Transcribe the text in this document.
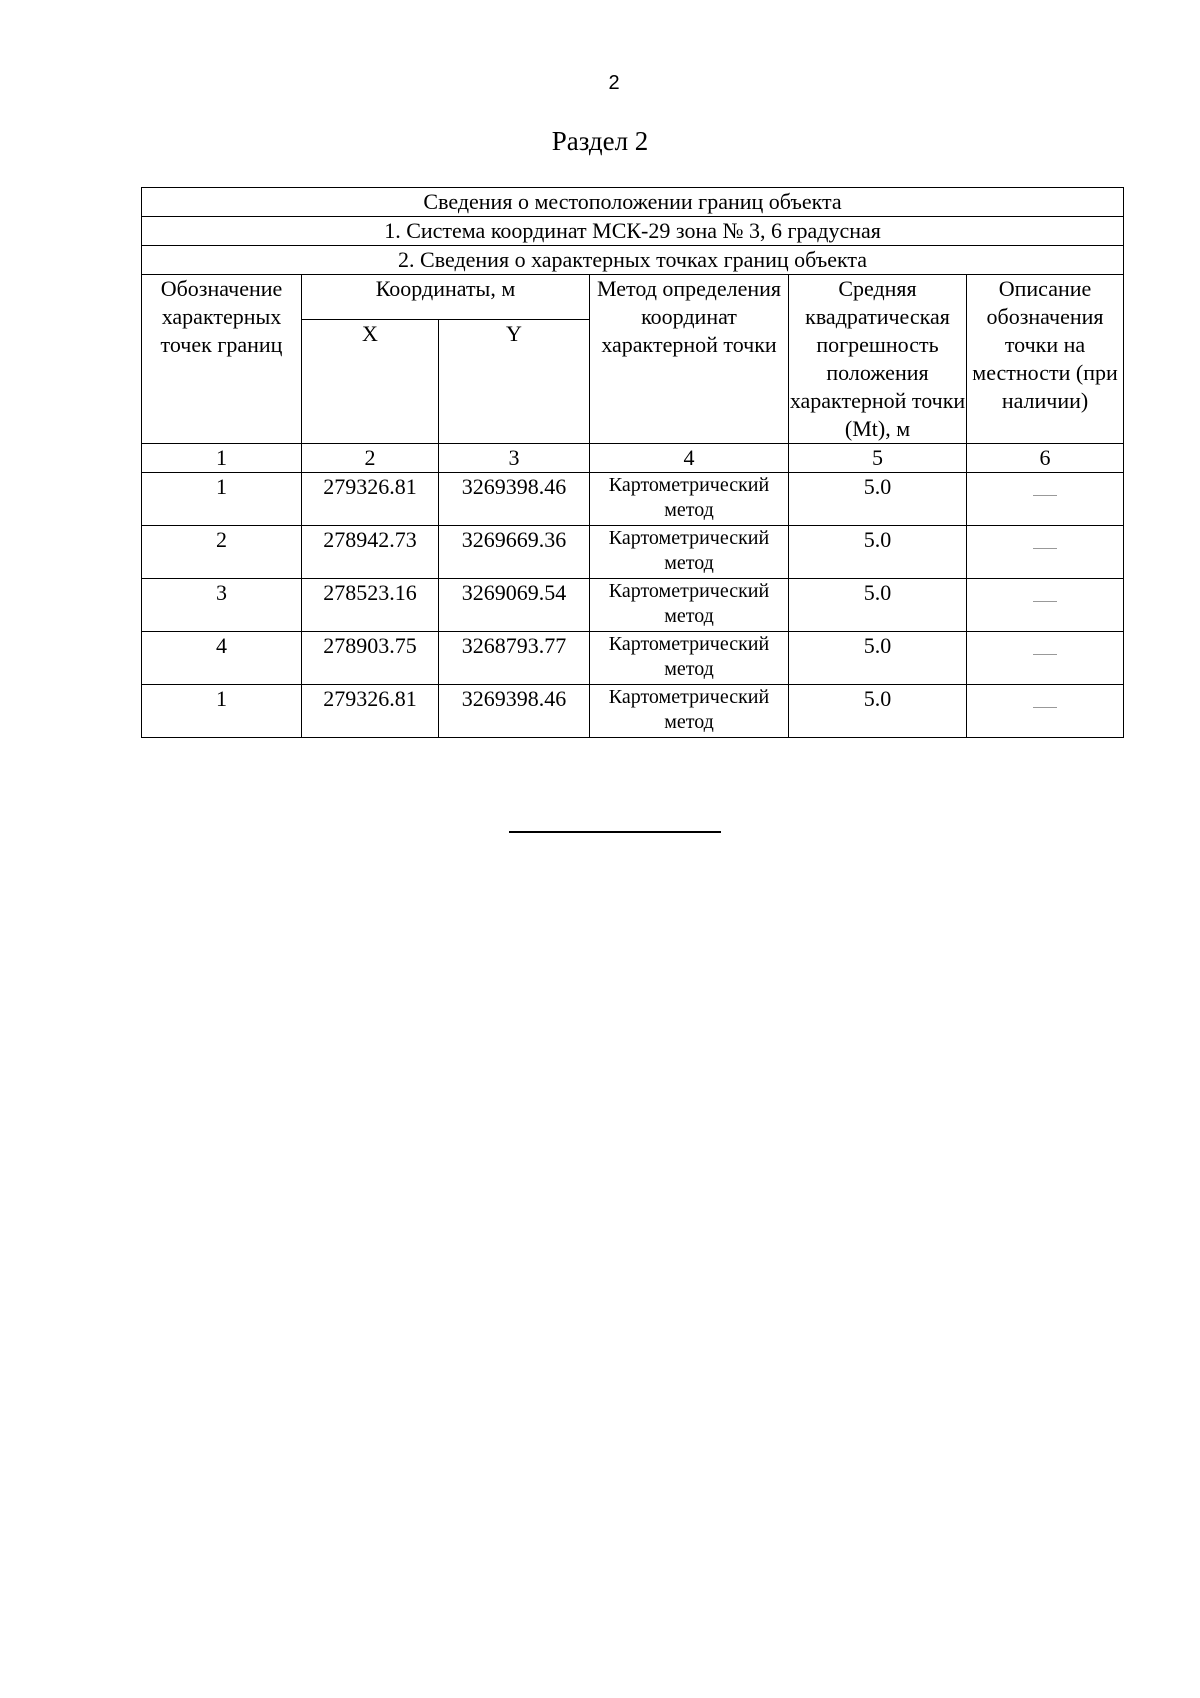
2
Раздел 2
Сведения о местоположении границ объекта					
1. Система координат МСК-29 зона № 3, 6 градусная					
2. Сведения о характерных точках границ объекта					
Обозначение характерных точек границ	Координаты, м		Метод определения координат характерной точки	Средняя квадратическая погрешность положения характерной точки (Mt), м	Описание обозначения точки на местности (при наличии)
	X	Y			
1	2	3	4	5	6
1	279326.81	3269398.46	Картометрический метод	5.0	
2	278942.73	3269669.36	Картометрический метод	5.0	
3	278523.16	3269069.54	Картометрический метод	5.0	
4	278903.75	3268793.77	Картометрический метод	5.0	
1	279326.81	3269398.46	Картометрический метод	5.0	
